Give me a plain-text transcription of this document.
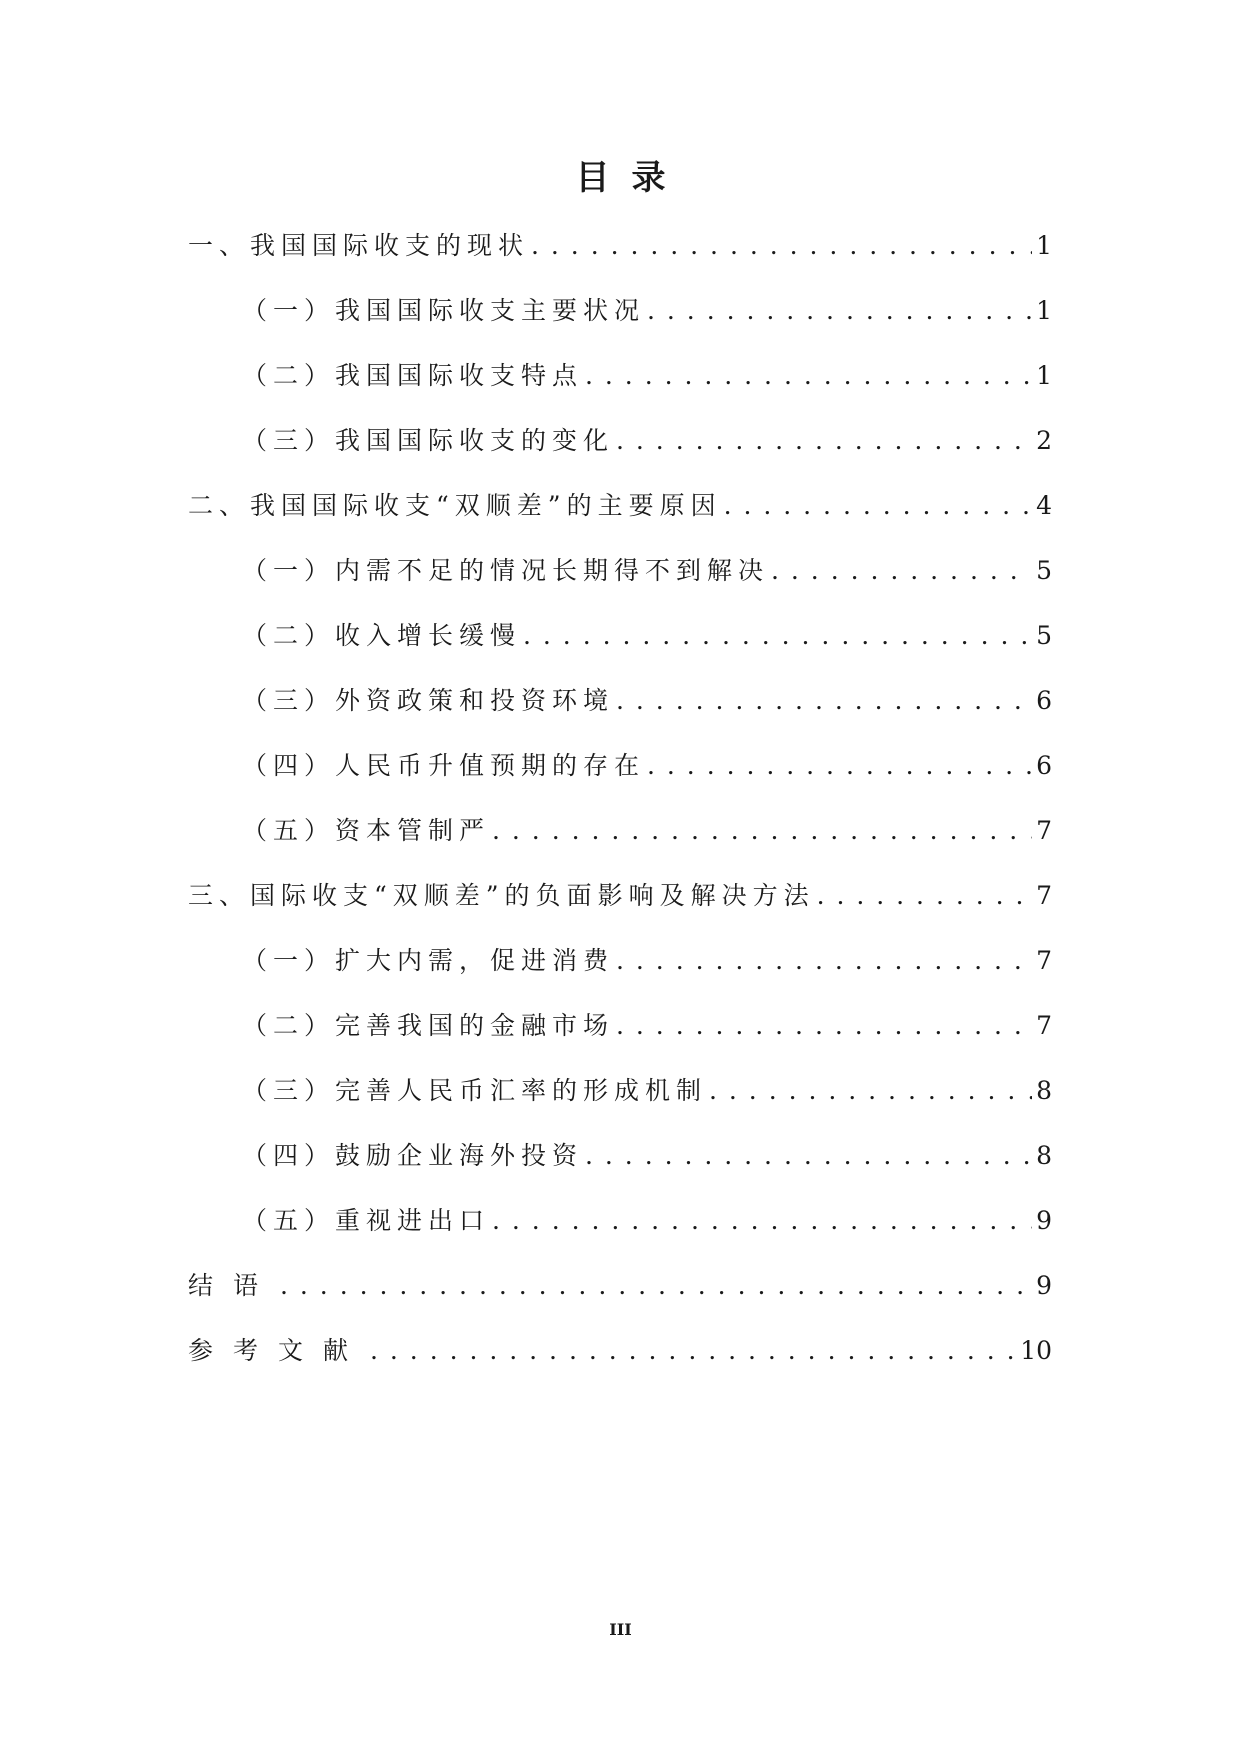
目录
一、我国国际收支的现状 . . .	1
（一）我国国际收支主要状况 . . .	1
（二）我国国际收支特点 . . .	1
（三）我国国际收支的变化 . . .	2
二、我国国际收支“双顺差”的主要原因 . . .	4
（一）内需不足的情况长期得不到解决 . . .	5
（二）收入增长缓慢 . . .	5
（三）外资政策和投资环境 . . .	6
（四）人民币升值预期的存在 . . .	6
（五）资本管制严 . . .	7
三、国际收支“双顺差”的负面影响及解决方法 . . .	7
（一）扩大内需，促进消费 . . .	7
（二）完善我国的金融市场 . . .	7
（三）完善人民币汇率的形成机制 . . .	8
（四）鼓励企业海外投资 . . .	8
（五）重视进出口 . . .	9
结语 . . .	9
参考文献 . . .	10
III
